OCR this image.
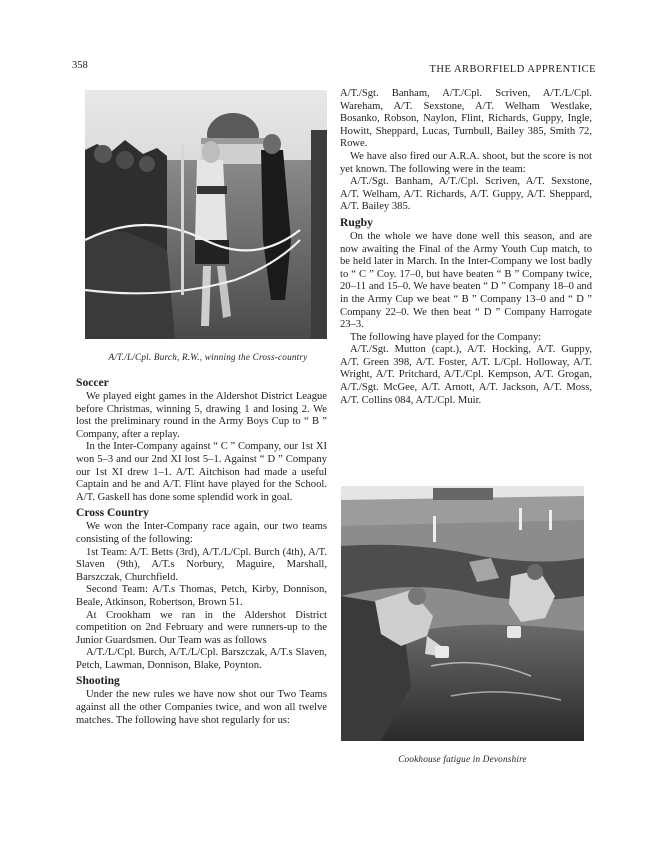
358	THE ARBORFIELD APPRENTICE
A/T./L/Cpl. Burch, R.W., winning the Cross-country
Soccer

We played eight games in the Aldershot District League before Christmas, winning 5, drawing 1 and losing 2. We lost the preliminary round in the Army Boys Cup to “ B ” Company, after a replay.

In the Inter-Company against “ C ” Company, our 1st XI won 5–3 and our 2nd XI lost 5–1. Against “ D ” Company our 1st XI drew 1–1. A/T. Aitchison had made a useful Captain and he and A/T. Flint have played for the School. A/T. Gaskell has done some splendid work in goal.

Cross Country

We won the Inter-Company race again, our two teams consisting of the following:

1st Team: A/T. Betts (3rd), A/T./L/Cpl. Burch (4th), A/T. Slaven (9th), A/T.s Norbury, Maguire, Marshall, Barszczak, Churchfield.

Second Team: A/T.s Thomas, Petch, Kirby, Donnison, Beale, Atkinson, Robertson, Brown 51.

At Crookham we ran in the Aldershot District competition on 2nd February and were runners-up to the Junior Guardsmen. Our Team was as follows

A/T./L/Cpl. Burch, A/T./L/Cpl. Barszczak, A/T.s Slaven, Petch, Lawman, Donnison, Blake, Poynton.

Shooting

Under the new rules we have now shot our Two Teams against all the other Companies twice, and won all twelve matches. The following have shot regularly for us:

A/T./Sgt. Banham, A/T./Cpl. Scriven, A/T./L/Cpl. Wareham, A/T. Sexstone, A/T. Welham Westlake, Bosanko, Robson, Naylon, Flint, Richards, Guppy, Ingle, Howitt, Sheppard, Lucas, Turnbull, Bailey 385, Smith 72, Rowe.

We have also fired our A.R.A. shoot, but the score is not yet known. The following were in the team:

A/T./Sgt. Banham, A/T./Cpl. Scriven, A/T. Sexstone, A/T. Welham, A/T. Richards, A/T. Guppy, A/T. Sheppard, A/T. Bailey 385.

Rugby

On the whole we have done well this season, and are now awaiting the Final of the Army Youth Cup match, to be held later in March. In the Inter-Company we lost badly to “ C ” Coy. 17–0, but have beaten “ B ” Company twice, 20–11 and 15–0. We have beaten “ D ” Company 18–0 and in the Army Cup we beat “ B ” Company 13–0 and “ D ” Company 22–0. We then beat “ D ” Company Harrogate 23–3.

The following have played for the Company:

A/T./Sgt. Mutton (capt.), A/T. Hocking, A/T. Guppy, A/T. Green 398, A/T. Foster, A/T. L/Cpl. Holloway, A/T. Wright, A/T. Pritchard, A/T./Cpl. Kempson, A/T. Grogan, A/T./Sgt. McGee, A/T. Arnott, A/T. Jackson, A/T. Moss, A/T. Collins 084, A/T./Cpl. Muir.

Cookhouse fatigue in Devonshire
